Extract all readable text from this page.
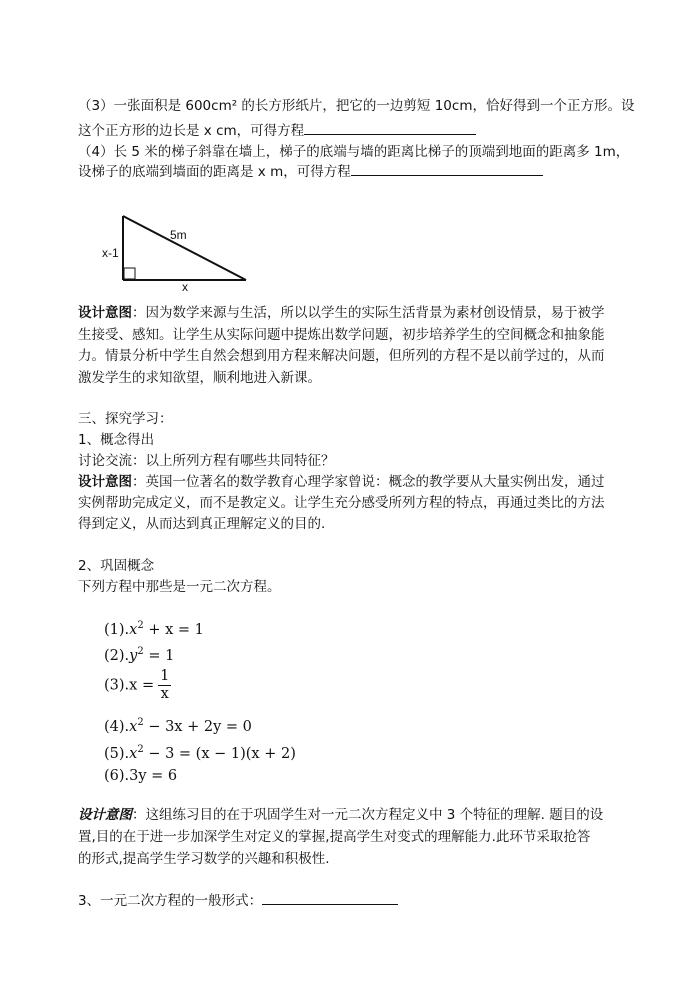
（3）一张面积是 600cm² 的长方形纸片，把它的一边剪短 10cm，恰好得到一个正方形。设
这个正方形的边长是 x cm，可得方程
（4）长 5 米的梯子斜靠在墙上，梯子的底端与墙的距离比梯子的顶端到地面的距离多 1m，
设梯子的底端到墙面的距离是 x m，可得方程
5m
x-1
x
设计意图：因为数学来源与生活，所以以学生的实际生活背景为素材创设情景，易于被学
生接受、感知。让学生从实际问题中提炼出数学问题，初步培养学生的空间概念和抽象能
力。情景分析中学生自然会想到用方程来解决问题，但所列的方程不是以前学过的，从而
激发学生的求知欲望，顺利地进入新课。
三、探究学习：
1、概念得出
讨论交流：以上所列方程有哪些共同特征？
设计意图：英国一位著名的数学教育心理学家曾说：概念的教学要从大量实例出发，通过
实例帮助完成定义，而不是教定义。让学生充分感受所列方程的特点，再通过类比的方法
得到定义，从而达到真正理解定义的目的.
2、巩固概念
下列方程中那些是一元二次方程。
$(1).x^2 + x = 1$
$(2).y^2 = 1$
$(3).x = \frac{1}{x}$
$(4).x^2 - 3x + 2y = 0$
$(5).x^2 - 3 = (x - 1)(x + 2)$
(6).3y = 6
设计意图：这组练习目的在于巩固学生对一元二次方程定义中 3 个特征的理解. 题目的设
置,目的在于进一步加深学生对定义的掌握,提高学生对变式的理解能力.此环节采取抢答
的形式,提高学生学习数学的兴趣和积极性.
3、一元二次方程的一般形式：
